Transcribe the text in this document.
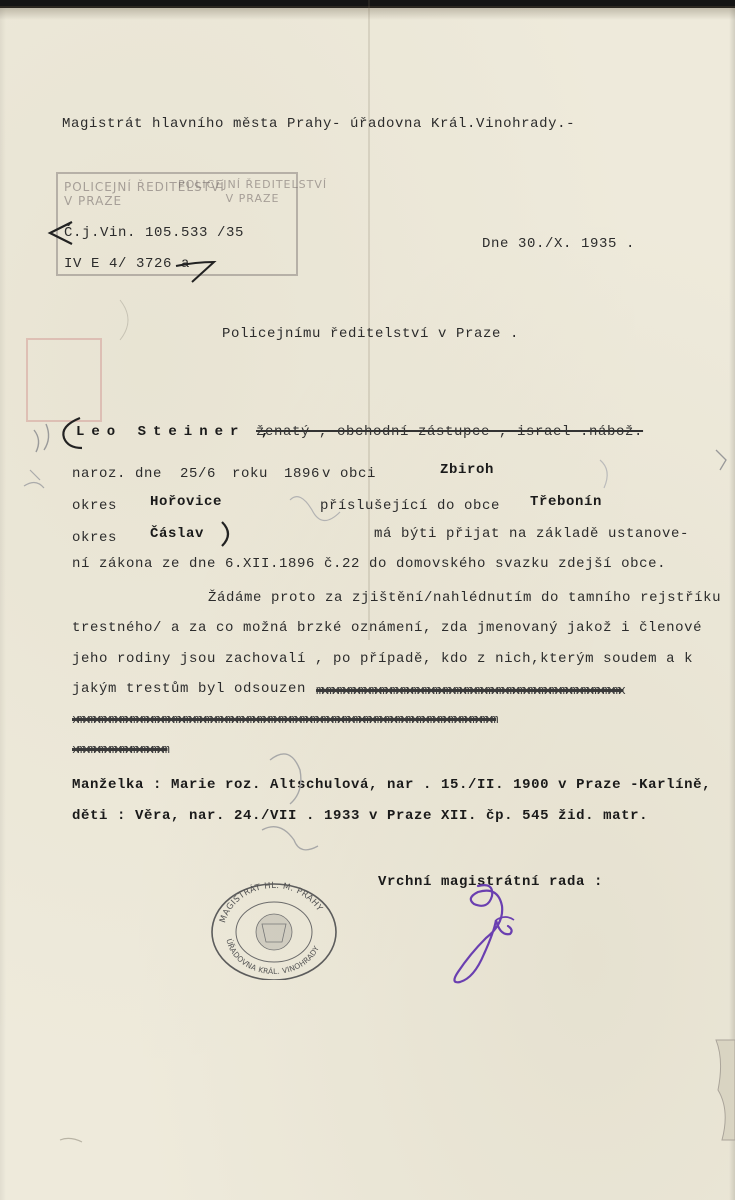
Magistrát hlavního města Prahy- úřadovna Král.Vinohrady.-
POLICEJNÍ ŘEDITELSTVÍ
V PRAZE
POLICEJNÍ ŘEDITELSTVÍ
V PRAZE
Č.j.Vin. 105.533 /35
IV E 4/ 3726 a
Dne 30./X. 1935 .
Policejnímu ředitelství v Praze .
Leo Steiner ,
ženatý , obchodní zástupce , israel .nábož.
naroz. dne 25/6 roku 1896 v obci	Zbiroh
okres Hořovice	příslušející do obce Třebonín
okres Čáslav	má býti přijat na základě ustanove-
ní zákona ze dne 6.XII.1896 č.22 do domovského svazku zdejší obce.
Žádáme proto za zjištění/nahlédnutím do tamního rejstříku
trestného/ a za co možná brzké oznámení, zda jmenovaný jakož i členové
jeho rodiny jsou zachovalí , po případě, kdo z nich,kterým soudem a k
jakým trestům byl odsouzen mxmxmxmxmxmxmxmxmxmxmxmxmxmxmxmxmxmxmxmxmxmxmxmxmxmxmxmxmx
xmxmxmxmxmxmxmxmxmxmxmxmxmxmxmxmxmxmxmxmxmxmxmxmxmxmxmxmxmxmxmxmxmxmxmxmxmxmxmxm
xmxmxmxmxmxmxmxmxm
Manželka : Marie roz. Altschulová, nar . 15./II. 1900 v Praze -Karlíně,
děti : Věra, nar. 24./VII . 1933 v Praze XII. čp. 545 žid. matr.
Vrchní magistrátní rada :
MAGISTRÁT HL. M. PRAHY
ÚŘADOVNA KRÁL. VINOHRADY
